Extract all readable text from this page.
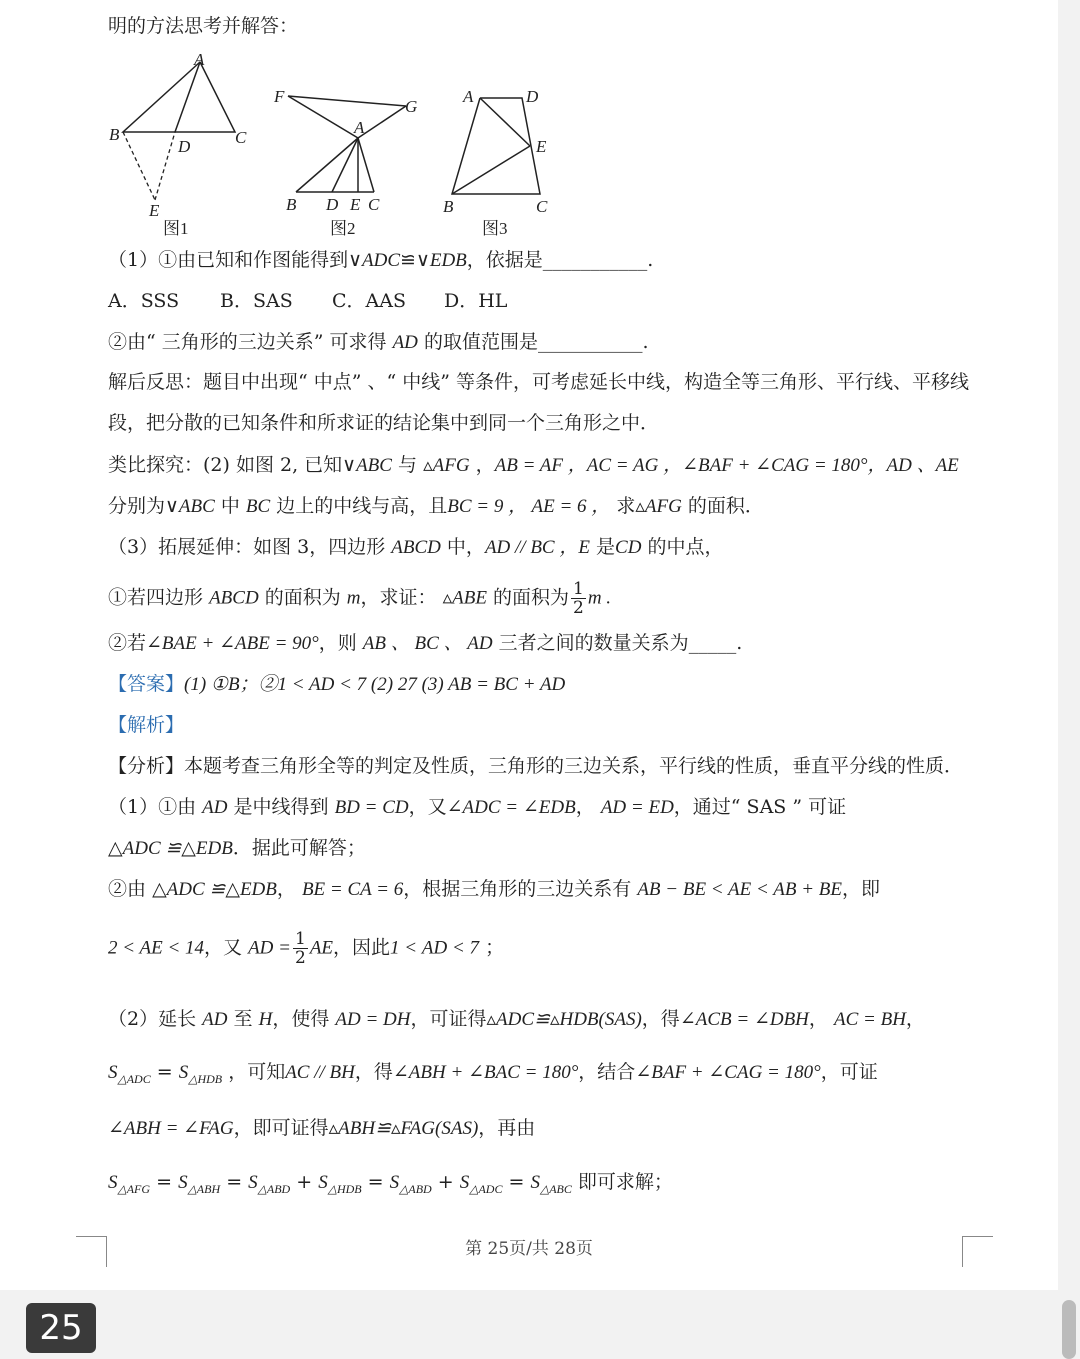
明的方法思考并解答：
A
B	C
D
E
图1
F
G
A
B D E C
图2
A	D
E
B	C
图3
（1）①由已知和作图能得到∨ADC≌∨EDB，依据是___________.
A．SSS B．SAS C．AAS D．HL
②由“ 三角形的三边关系” 可求得 AD 的取值范围是___________.
解后反思：题目中出现“ 中点” 、“ 中线” 等条件，可考虑延长中线，构造全等三角形、平行线、平移线
段，把分散的已知条件和所求证的结论集中到同一个三角形之中．
类比探究：(2) 如图 2, 已知∨ABC 与 ▵AFG ，AB = AF ，AC = AG ，∠BAF + ∠CAG = 180°，AD 、AE
分别为∨ABC 中 BC 边上的中线与高，且BC = 9 ， AE = 6 ， 求▵AFG 的面积．
（3）拓展延伸：如图 3，四边形 ABCD 中，AD // BC ，E 是CD 的中点，
①若四边形 ABCD 的面积为 m，求证： ▵ABE 的面积为 $\frac{1}{2}$ m .
②若∠BAE + ∠ABE = 90°，则 AB 、 BC 、 AD 三者之间的数量关系为_____.
【答案】(1) ①B；②1 < AD < 7 (2) 27 (3) AB = BC + AD
【解析】
【分析】本题考查三角形全等的判定及性质，三角形的三边关系，平行线的性质，垂直平分线的性质．
（1）①由 AD 是中线得到 BD = CD，又∠ADC = ∠EDB， AD = ED，通过“ SAS ” 可证
△ADC ≌△EDB．据此可解答；
②由 △ADC ≌△EDB， BE = CA = 6，根据三角形的三边关系有 AB − BE < AE < AB + BE，即
2 < AE < 14，又 AD = $\frac{1}{2}$ AE，因此1 < AD < 7 ；
（2）延长 AD 至 H，使得 AD = DH，可证得▵ADC≌▵HDB(SAS)，得∠ACB = ∠DBH， AC = BH，
$S_{\triangle ADC} = S_{\triangle HDB}$ ，可知AC // BH，得∠ABH + ∠BAC = 180°，结合∠BAF + ∠CAG = 180°，可证
∠ABH = ∠FAG，即可证得▵ABH≌▵FAG(SAS)，再由
$S_{\triangle AFG} = S_{\triangle ABH} = S_{\triangle ABD} + S_{\triangle HDB} = S_{\triangle ABD} + S_{\triangle ADC} = S_{\triangle ABC}$ 即可求解；
第 25页/共 28页
25
